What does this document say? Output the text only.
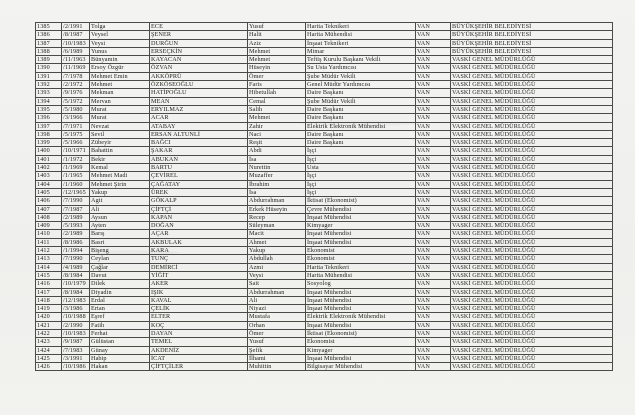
1385	/2/1991	Tolga	ECE	Yusuf	Harita Teknikeri	VAN	BÜYÜKŞEHİR BELEDİYESİ
1386	/8/1987	Veysel	ŞENER	Halit	Harita Mühendisi	VAN	BÜYÜKŞEHİR BELEDİYESİ
1387	/10/1983	Veysi	DURĞUN	Aziz	İnşaat Teknikeri	VAN	BÜYÜKŞEHİR BELEDİYESİ
1388	/6/1989	Yunus	ERSEÇKİN	Mehmet	Mimar	VAN	BÜYÜKŞEHİR BELEDİYESİ
1389	/11/1963	Bünyamin	KAYACAN	Mehmet	Teftiş Kurulu Başkanı Vekili	VAN	VASKİ GENEL MÜDÜRLÜĞÜ
1390	/11/1969	Ersoy Özgür	ÖZVAN	Hüseyin	Su Usta Yardımcısı	VAN	VASKİ GENEL MÜDÜRLÜĞÜ
1391	/7/1978	Mehmet Emin	AKKÖPRÜ	Ömer	Şube Müdür Vekili	VAN	VASKİ GENEL MÜDÜRLÜĞÜ
1392	/2/1972	Mehmet	ÖZKÖSEOĞLU	Faris	Genel Müdür Yardımcısı	VAN	VASKİ GENEL MÜDÜRLÜĞÜ
1393	/9/1976	Mekman	HATİPOĞLU	Hibetullah	Daire Başkanı	VAN	VASKİ GENEL MÜDÜRLÜĞÜ
1394	/5/1972	Mervan	MEAN	Cemal	Şube Müdür Vekili	VAN	VASKİ GENEL MÜDÜRLÜĞÜ
1395	/5/1980	Murat	ERYILMAZ	Salih	Daire Başkanı	VAN	VASKİ GENEL MÜDÜRLÜĞÜ
1396	/3/1966	Murat	ACAR	Mehmet	Daire Başkanı	VAN	VASKİ GENEL MÜDÜRLÜĞÜ
1397	/7/1971	Nevzat	ATABAY	Zahir	Elektrik Elektronik Mühendisi	VAN	VASKİ GENEL MÜDÜRLÜĞÜ
1398	/5/1975	Sevil	ERSAN ALTUNLİ	Naci	Daire Başkanı	VAN	VASKİ GENEL MÜDÜRLÜĞÜ
1399	/5/1966	Zübeyir	BAĞCI	Reşit	Daire Başkanı	VAN	VASKİ GENEL MÜDÜRLÜĞÜ
1400	/10/1971	Bahattin	ŞAKAR	Abdi	İşçi	VAN	VASKİ GENEL MÜDÜRLÜĞÜ
1401	/1/1972	Bekir	ABUKAN	İsa	İşçi	VAN	VASKİ GENEL MÜDÜRLÜĞÜ
1402	/1/1969	Kemal	BARTU	Nurettin	Usta	VAN	VASKİ GENEL MÜDÜRLÜĞÜ
1403	/1/1965	Mehmet Madi	ÇEVİREL	Muzaffer	İşçi	VAN	VASKİ GENEL MÜDÜRLÜĞÜ
1404	/1/1960	Mehmet Şirin	ÇAĞATAY	İbrahim	İşçi	VAN	VASKİ GENEL MÜDÜRLÜĞÜ
1405	/12/1965	Yakup	ÜREK	İsa	İşçi	VAN	VASKİ GENEL MÜDÜRLÜĞÜ
1406	/7/1990	Agit	GÖKALP	Abdurrahman	İktisat (Ekonomist)	VAN	VASKİ GENEL MÜDÜRLÜĞÜ
1407	/7/1987	Ali	ÇİFTÇİ	Erkek Hüseyin	Çevre Mühendisi	VAN	VASKİ GENEL MÜDÜRLÜĞÜ
1408	/2/1989	Aysun	KAPAN	Recep	İnşaat Mühendisi	VAN	VASKİ GENEL MÜDÜRLÜĞÜ
1409	/5/1993	Ayten	DOĞAN	Süleyman	Kimyager	VAN	VASKİ GENEL MÜDÜRLÜĞÜ
1410	/2/1989	Barış	AÇAR	Macit	İnşaat Mühendisi	VAN	VASKİ GENEL MÜDÜRLÜĞÜ
1411	/8/1986	Basri	AKBULAK	Ahmet	İnşaat Mühendisi	VAN	VASKİ GENEL MÜDÜRLÜĞÜ
1412	/1/1994	Bişeng	KARA	Yakup	Ekonomist	VAN	VASKİ GENEL MÜDÜRLÜĞÜ
1413	/7/1990	Ceylan	TUNÇ	Abdullah	Ekonomist	VAN	VASKİ GENEL MÜDÜRLÜĞÜ
1414	/4/1989	Çağlar	DEMİRCİ	Azmi	Harita Teknikeri	VAN	VASKİ GENEL MÜDÜRLÜĞÜ
1415	/8/1984	Davut	YİĞİT	Veysi	Harita Mühendisi	VAN	VASKİ GENEL MÜDÜRLÜĞÜ
1416	/10/1979	Dilek	AKER	Sait	Sosyolog	VAN	VASKİ GENEL MÜDÜRLÜĞÜ
1417	/8/1984	Diyadin	IŞIK	Abdurrahman	İnşaat Mühendisi	VAN	VASKİ GENEL MÜDÜRLÜĞÜ
1418	/12/1983	Erdal	KAVAL	Ali	İnşaat Mühendisi	VAN	VASKİ GENEL MÜDÜRLÜĞÜ
1419	/3/1986	Ertan	ÇELİK	Niyazi	İnşaat Mühendisi	VAN	VASKİ GENEL MÜDÜRLÜĞÜ
1420	/10/1988	Eşref	ELTER	Mustafa	Elektrik Elektronik Mühendisi	VAN	VASKİ GENEL MÜDÜRLÜĞÜ
1421	/2/1990	Fatih	KOÇ	Orhan	İnşaat Mühendisi	VAN	VASKİ GENEL MÜDÜRLÜĞÜ
1422	/10/1983	Ferhat	DAYAN	Ömer	İktisat (Ekonomist)	VAN	VASKİ GENEL MÜDÜRLÜĞÜ
1423	/9/1987	Gülüstan	TEMEL	Yusuf	Ekonomist	VAN	VASKİ GENEL MÜDÜRLÜĞÜ
1424	/7/1983	Günay	AKDENİZ	Şefik	Kimyager	VAN	VASKİ GENEL MÜDÜRLÜĞÜ
1425	/3/1991	Habip	İCAT	İlhami	İnşaat Mühendisi	VAN	VASKİ GENEL MÜDÜRLÜĞÜ
1426	/10/1986	Hakan	ÇİFTÇİLER	Muhittin	Bilgisayar Mühendisi	VAN	VASKİ GENEL MÜDÜRLÜĞÜ
